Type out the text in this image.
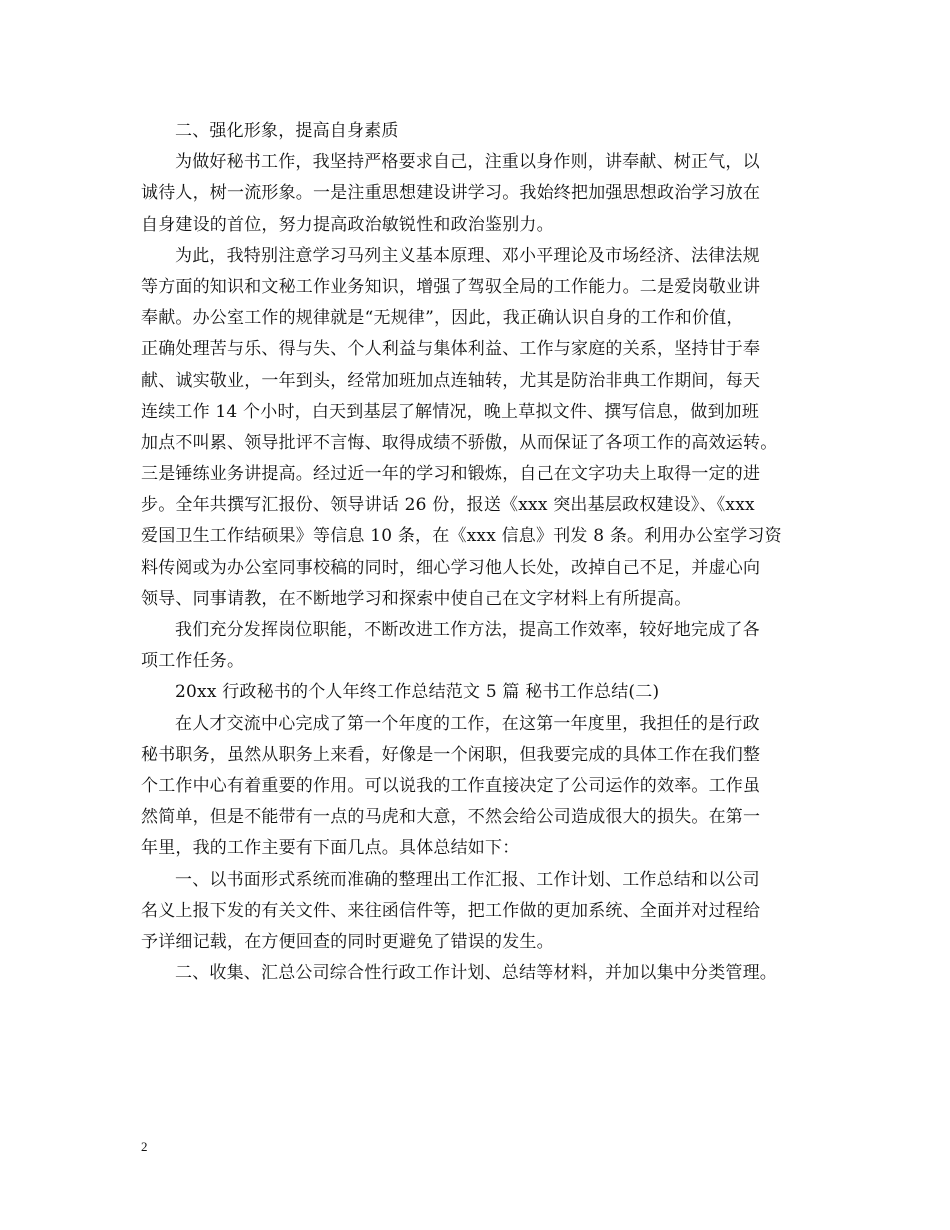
二、强化形象，提高自身素质
为做好秘书工作，我坚持严格要求自己，注重以身作则，讲奉献、树正气，以
诚待人，树一流形象。一是注重思想建设讲学习。我始终把加强思想政治学习放在
自身建设的首位，努力提高政治敏锐性和政治鉴别力。
为此，我特别注意学习马列主义基本原理、邓小平理论及市场经济、法律法规
等方面的知识和文秘工作业务知识，增强了驾驭全局的工作能力。二是爱岗敬业讲
奉献。办公室工作的规律就是“无规律”，因此，我正确认识自身的工作和价值，
正确处理苦与乐、得与失、个人利益与集体利益、工作与家庭的关系，坚持甘于奉
献、诚实敬业，一年到头，经常加班加点连轴转，尤其是防治非典工作期间，每天
连续工作 14 个小时，白天到基层了解情况，晚上草拟文件、撰写信息，做到加班
加点不叫累、领导批评不言悔、取得成绩不骄傲，从而保证了各项工作的高效运转。
三是锤练业务讲提高。经过近一年的学习和锻炼，自己在文字功夫上取得一定的进
步。全年共撰写汇报份、领导讲话 26 份，报送《xxx 突出基层政权建设》、《xxx
爱国卫生工作结硕果》等信息 10 条，在《xxx 信息》刊发 8 条。利用办公室学习资
料传阅或为办公室同事校稿的同时，细心学习他人长处，改掉自己不足，并虚心向
领导、同事请教，在不断地学习和探索中使自己在文字材料上有所提高。
我们充分发挥岗位职能，不断改进工作方法，提高工作效率，较好地完成了各
项工作任务。
20xx 行政秘书的个人年终工作总结范文 5 篇 秘书工作总结(二)
在人才交流中心完成了第一个年度的工作，在这第一年度里，我担任的是行政
秘书职务，虽然从职务上来看，好像是一个闲职，但我要完成的具体工作在我们整
个工作中心有着重要的作用。可以说我的工作直接决定了公司运作的效率。工作虽
然简单，但是不能带有一点的马虎和大意，不然会给公司造成很大的损失。在第一
年里，我的工作主要有下面几点。具体总结如下：
一、以书面形式系统而准确的整理出工作汇报、工作计划、工作总结和以公司
名义上报下发的有关文件、来往函信件等，把工作做的更加系统、全面并对过程给
予详细记载，在方便回查的同时更避免了错误的发生。
二、收集、汇总公司综合性行政工作计划、总结等材料，并加以集中分类管理。
2
